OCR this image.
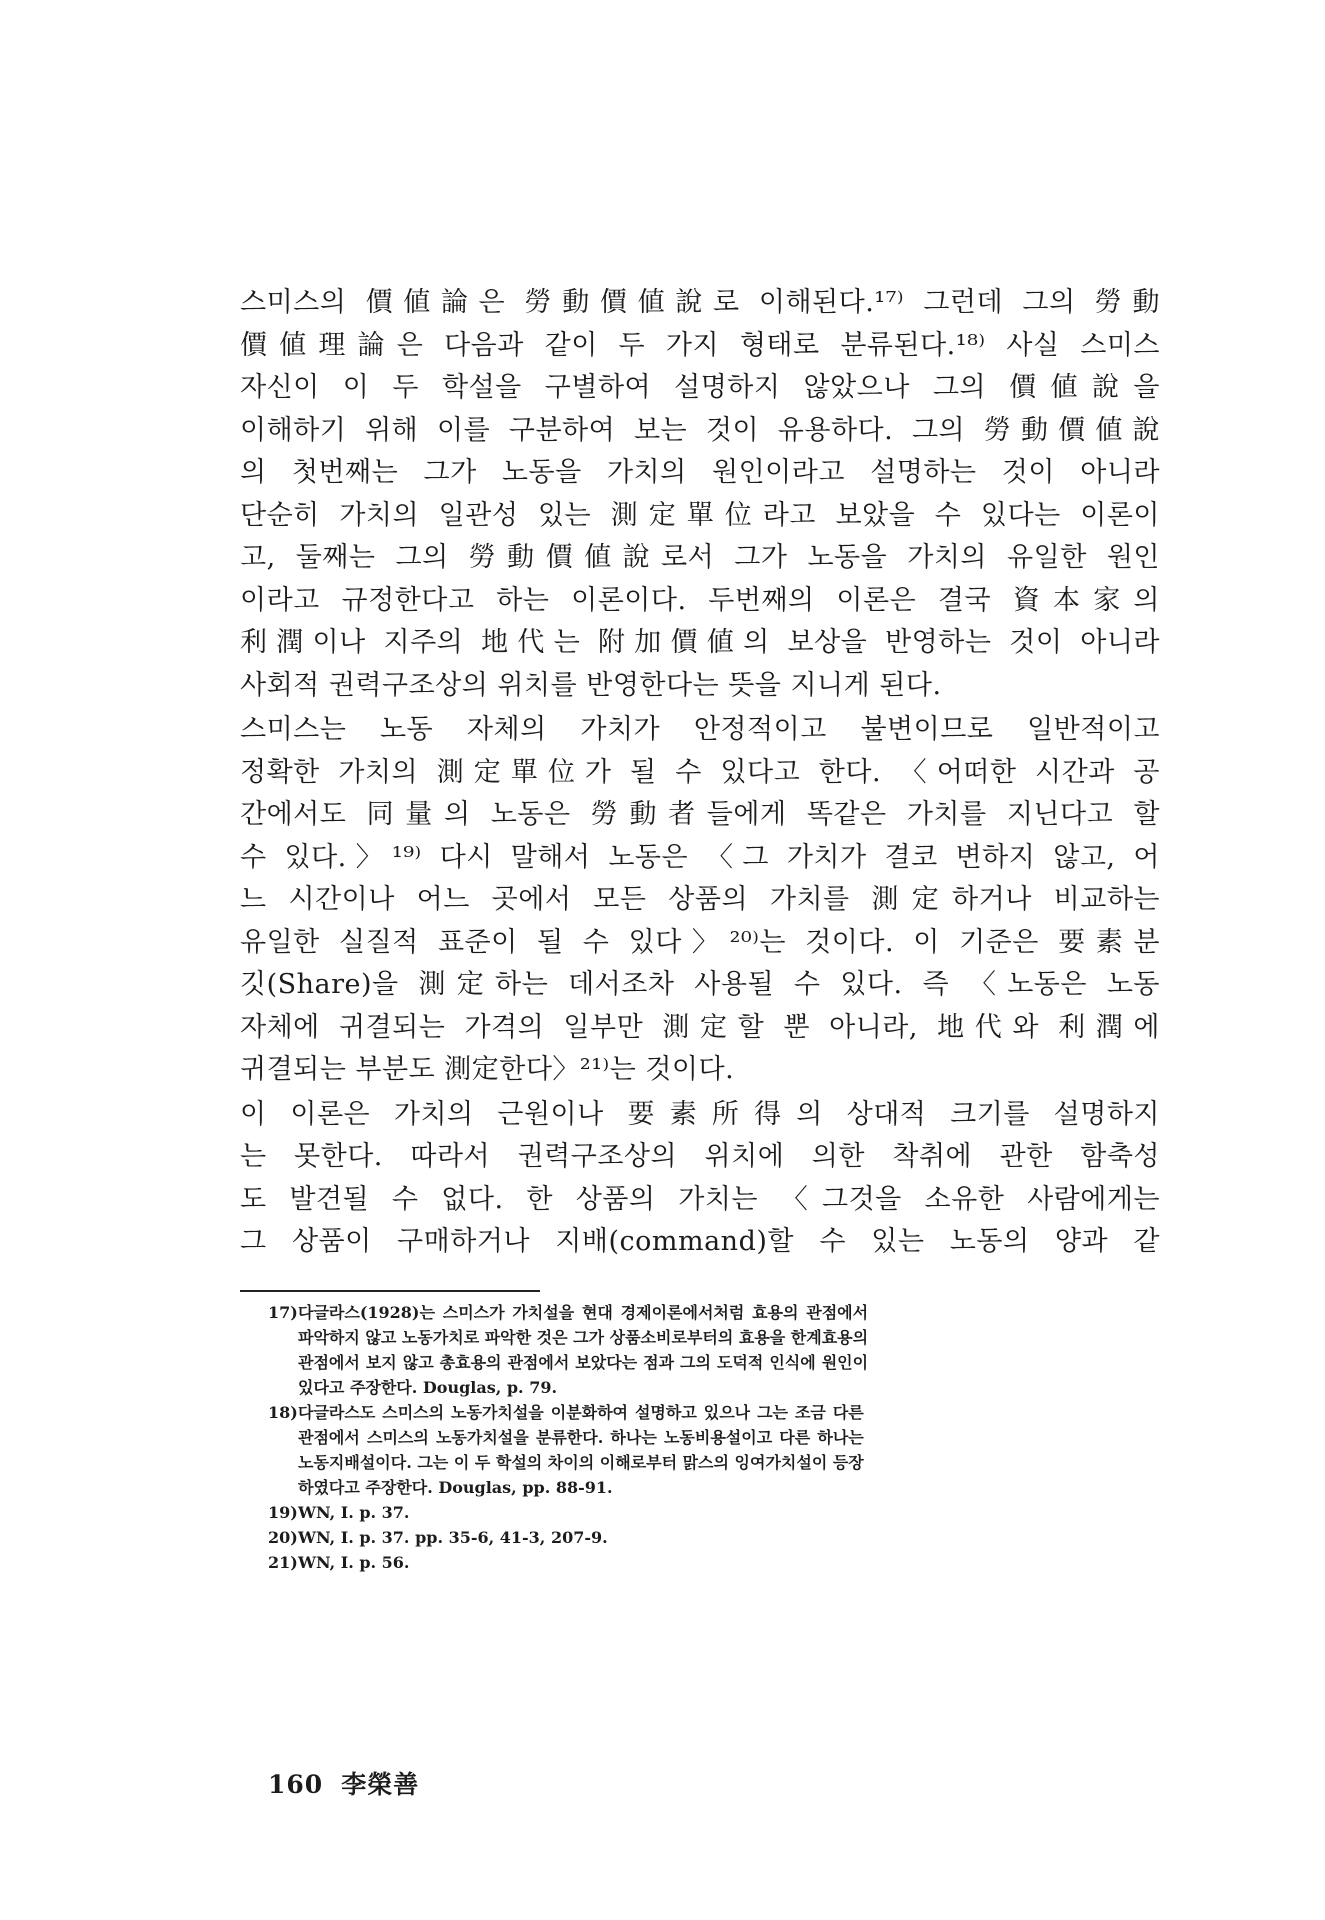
스미스의 價値論은 勞動價値說로 이해된다.¹⁷⁾ 그런데 그의 勞動

價値理論은 다음과 같이 두 가지 형태로 분류된다.¹⁸⁾ 사실 스미스

자신이 이 두 학설을 구별하여 설명하지 않았으나 그의 價値說을

이해하기 위해 이를 구분하여 보는 것이 유용하다. 그의 勞動價値說

의 첫번째는 그가 노동을 가치의 원인이라고 설명하는 것이 아니라

단순히 가치의 일관성 있는 測定單位라고 보았을 수 있다는 이론이

고, 둘째는 그의 勞動價値說로서 그가 노동을 가치의 유일한 원인

이라고 규정한다고 하는 이론이다. 두번째의 이론은 결국 資本家의

利潤이나 지주의 地代는 附加價値의 보상을 반영하는 것이 아니라

사회적 권력구조상의 위치를 반영한다는 뜻을 지니게 된다.

스미스는 노동 자체의 가치가 안정적이고 불변이므로 일반적이고

정확한 가치의 測定單位가 될 수 있다고 한다. 〈어떠한 시간과 공

간에서도 同量의 노동은 勞動者들에게 똑같은 가치를 지닌다고 할

수 있다.〉¹⁹⁾ 다시 말해서 노동은 〈그 가치가 결코 변하지 않고, 어

느 시간이나 어느 곳에서 모든 상품의 가치를 測定하거나 비교하는

유일한 실질적 표준이 될 수 있다〉²⁰⁾는 것이다. 이 기준은 要素분

깃(Share)을 測定하는 데서조차 사용될 수 있다. 즉 〈노동은 노동

자체에 귀결되는 가격의 일부만 測定할 뿐 아니라, 地代와 利潤에

귀결되는 부분도 測定한다〉²¹⁾는 것이다.

이 이론은 가치의 근원이나 要素所得의 상대적 크기를 설명하지

는 못한다. 따라서 권력구조상의 위치에 의한 착취에 관한 함축성

도 발견될 수 없다. 한 상품의 가치는 〈그것을 소유한 사람에게는

그 상품이 구매하거나 지배(command)할 수 있는 노동의 양과 같

17) 다글라스(1928)는 스미스가 가치설을 현대 경제이론에서처럼 효용의 관점에서

파악하지 않고 노동가치로 파악한 것은 그가 상품소비로부터의 효용을 한계효용의

관점에서 보지 않고 총효용의 관점에서 보았다는 점과 그의 도덕적 인식에 원인이

있다고 주장한다. Douglas, p. 79.

18) 다글라스도 스미스의 노동가치설을 이분화하여 설명하고 있으나 그는 조금 다른

관점에서 스미스의 노동가치설을 분류한다. 하나는 노동비용설이고 다른 하나는

노동지배설이다. 그는 이 두 학설의 차이의 이해로부터 맑스의 잉여가치설이 등장

하였다고 주장한다. Douglas, pp. 88-91.

19) WN, I. p. 37.

20) WN, I. p. 37. pp. 35-6, 41-3, 207-9.

21) WN, I. p. 56.

160 李榮善
